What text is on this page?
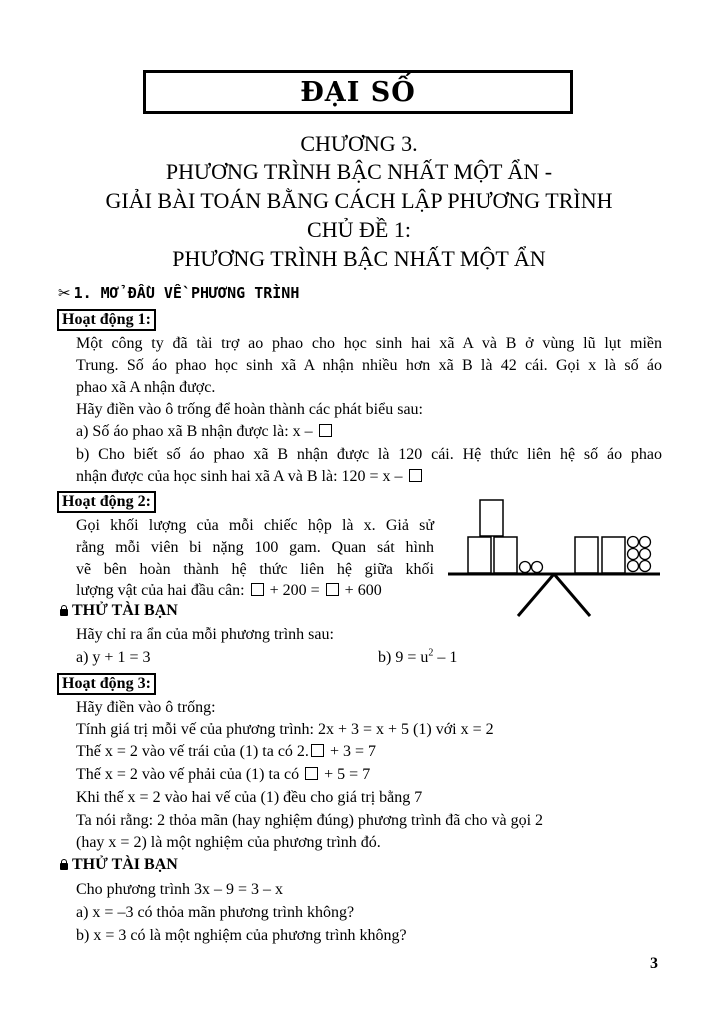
ĐẠI SỐ
CHƯƠNG 3.
PHƯƠNG TRÌNH BẬC NHẤT MỘT ẨN -
GIẢI BÀI TOÁN BẰNG CÁCH LẬP PHƯƠNG TRÌNH
CHỦ ĐỀ 1:
PHƯƠNG TRÌNH BẬC NHẤT MỘT ẨN
✂ 1. MỞ ĐẦU VỀ PHƯƠNG TRÌNH
Hoạt động 1:
Một công ty đã tài trợ ao phao cho học sinh hai xã A và B ở vùng lũ lụt miền
Trung. Số áo phao học sinh xã A nhận nhiều hơn xã B là 42 cái. Gọi x là số áo
phao xã A nhận được.
Hãy điền vào ô trống để hoàn thành các phát biểu sau:
a) Số áo phao xã B nhận được là: x –
b) Cho biết số áo phao xã B nhận được là 120 cái. Hệ thức liên hệ số áo phao
nhận được của học sinh hai xã A và B là: 120 = x –
Hoạt động 2:
Gọi khối lượng của mỗi chiếc hộp là x. Giả sử
rằng mỗi viên bi nặng 100 gam. Quan sát hình
vẽ bên hoàn thành hệ thức liên hệ giữa khối
lượng vật của hai đầu cân: + 200 = + 600
THỬ TÀI BẠN
Hãy chỉ ra ẩn của mỗi phương trình sau:
a) y + 1 = 3	b) $9 = u^2 - 1$
Hoạt động 3:
Hãy điền vào ô trống:
Tính giá trị mỗi vế của phương trình: 2x + 3 = x + 5 (1) với x = 2
Thế x = 2 vào vế trái của (1) ta có 2. + 3 = 7
Thế x = 2 vào vế phải của (1) ta có + 5 = 7
Khi thế x = 2 vào hai vế của (1) đều cho giá trị bằng 7
Ta nói rằng: 2 thỏa mãn (hay nghiệm đúng) phương trình đã cho và gọi 2
(hay x = 2) là một nghiệm của phương trình đó.
THỬ TÀI BẠN
Cho phương trình 3x – 9 = 3 – x
a) x = –3 có thỏa mãn phương trình không?
b) x = 3 có là một nghiệm của phương trình không?
3
